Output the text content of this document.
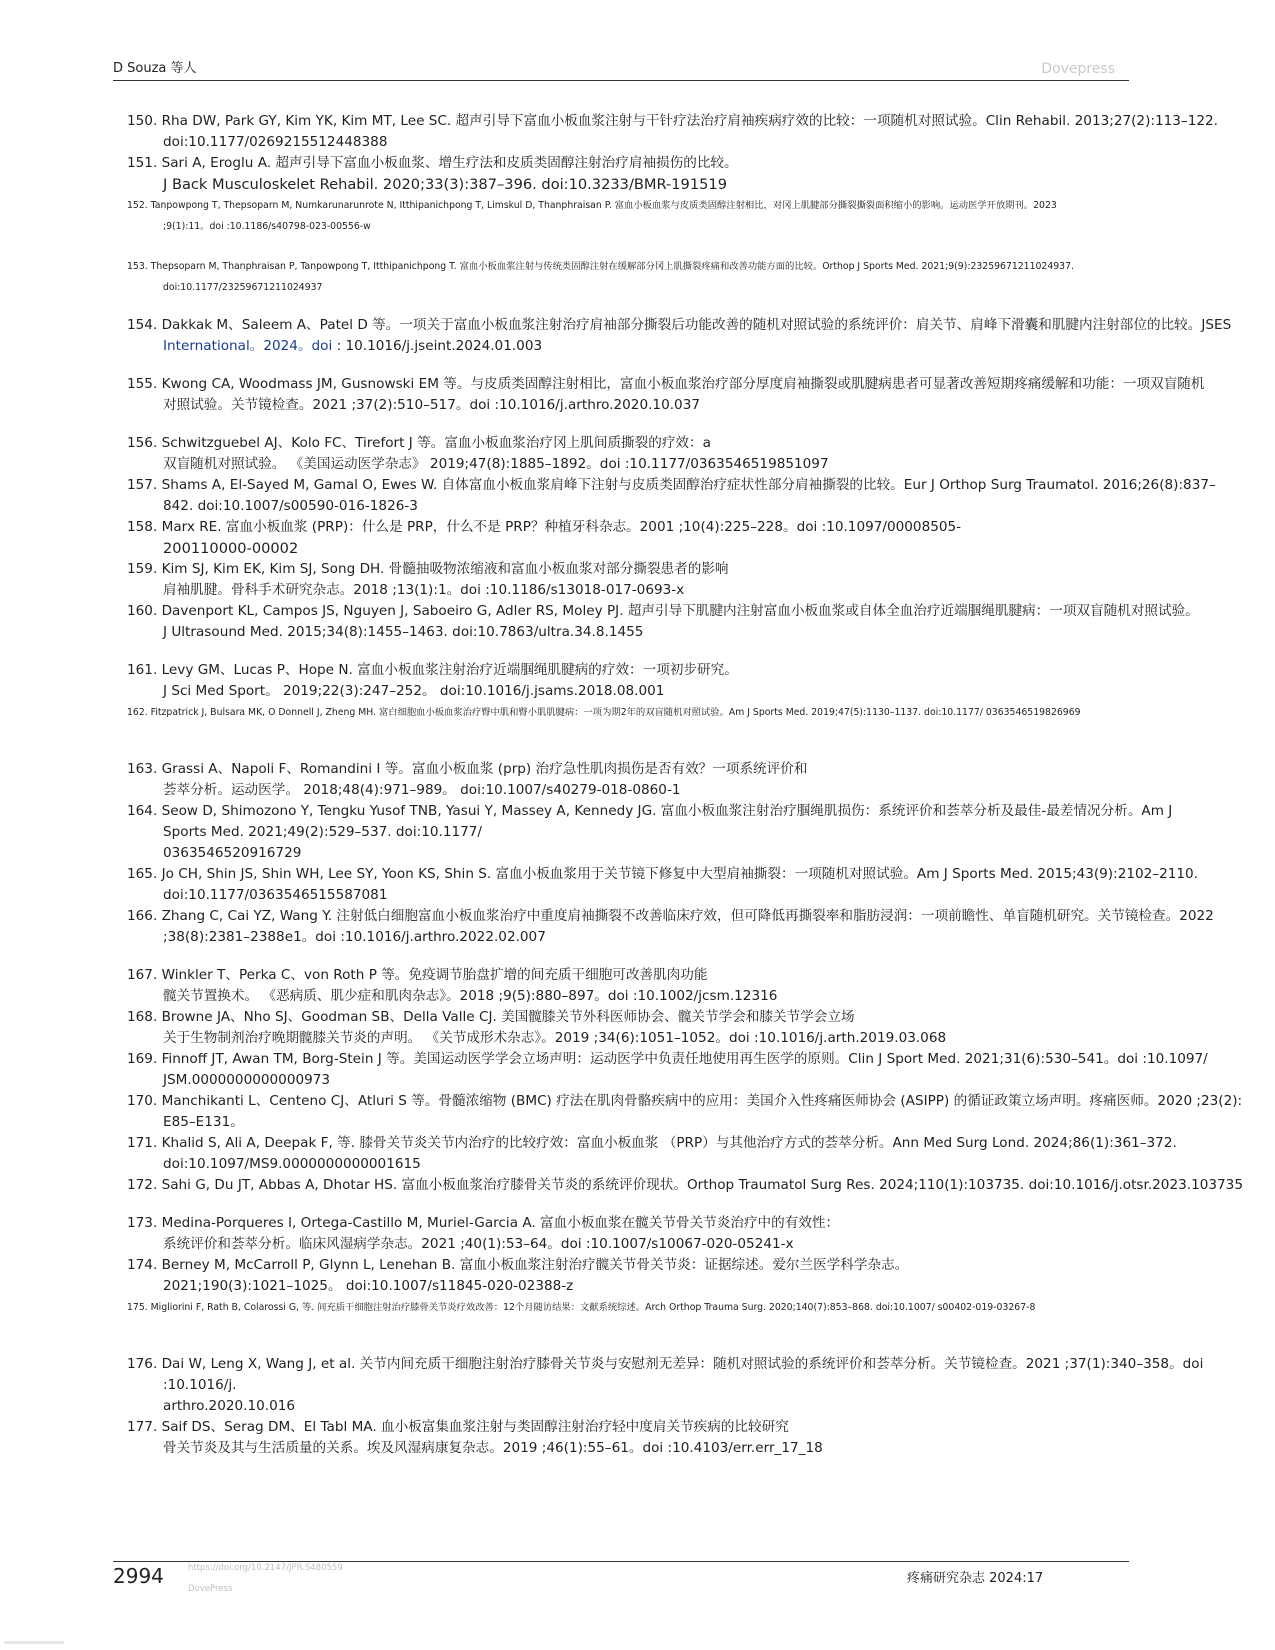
D Souza 等人	Dovepress
150. Rha DW, Park GY, Kim YK, Kim MT, Lee SC. 超声引导下富血小板血浆注射与干针疗法治疗肩袖疾病疗效的比较：一项随机对照试验。Clin Rehabil. 2013;27(2):113–122.
doi:10.1177/0269215512448388
151. Sari A, Eroglu A. 超声引导下富血小板血浆、增生疗法和皮质类固醇注射治疗肩袖损伤的比较。
J Back Musculoskelet Rehabil. 2020;33(3):387–396. doi:10.3233/BMR-191519
152. Tanpowpong T, Thepsoparn M, Numkarunarunrote N, Itthipanichpong T, Limskul D, Thanphraisan P. 富血小板血浆与皮质类固醇注射相比，对冈上肌腱部分撕裂撕裂面积缩小的影响。运动医学开放期刊。2023
;9(1):11。doi :10.1186/s40798-023-00556-w
153. Thepsoparn M, Thanphraisan P, Tanpowpong T, Itthipanichpong T. 富血小板血浆注射与传统类固醇注射在缓解部分冈上肌撕裂疼痛和改善功能方面的比较。Orthop J Sports Med. 2021;9(9):23259671211024937.
doi:10.1177/23259671211024937
154. Dakkak M、Saleem A、Patel D 等。一项关于富血小板血浆注射治疗肩袖部分撕裂后功能改善的随机对照试验的系统评价：肩关节、肩峰下滑囊和肌腱内注射部位的比较。JSES
International。2024。doi : 10.1016/j.jseint.2024.01.003
155. Kwong CA, Woodmass JM, Gusnowski EM 等。与皮质类固醇注射相比，富血小板血浆治疗部分厚度肩袖撕裂或肌腱病患者可显著改善短期疼痛缓解和功能：一项双盲随机
对照试验。关节镜检查。2021 ;37(2):510–517。doi :10.1016/j.arthro.2020.10.037
156. Schwitzguebel AJ、Kolo FC、Tirefort J 等。富血小板血浆治疗冈上肌间质撕裂的疗效：a
双盲随机对照试验。 《美国运动医学杂志》 2019;47(8):1885–1892。doi :10.1177/0363546519851097
157. Shams A, El-Sayed M, Gamal O, Ewes W. 自体富血小板血浆肩峰下注射与皮质类固醇治疗症状性部分肩袖撕裂的比较。Eur J Orthop Surg Traumatol. 2016;26(8):837–
842. doi:10.1007/s00590-016-1826-3
158. Marx RE. 富血小板血浆 (PRP)：什么是 PRP，什么不是 PRP？种植牙科杂志。2001 ;10(4):225–228。doi :10.1097/00008505-
200110000-00002
159. Kim SJ, Kim EK, Kim SJ, Song DH. 骨髓抽吸物浓缩液和富血小板血浆对部分撕裂患者的影响
肩袖肌腱。骨科手术研究杂志。2018 ;13(1):1。doi :10.1186/s13018-017-0693-x
160. Davenport KL, Campos JS, Nguyen J, Saboeiro G, Adler RS, Moley PJ. 超声引导下肌腱内注射富血小板血浆或自体全血治疗近端腘绳肌腱病：一项双盲随机对照试验。
J Ultrasound Med. 2015;34(8):1455–1463. doi:10.7863/ultra.34.8.1455
161. Levy GM、Lucas P、Hope N. 富血小板血浆注射治疗近端腘绳肌腱病的疗效：一项初步研究。
J Sci Med Sport。 2019;22(3):247–252。 doi:10.1016/j.jsams.2018.08.001
162. Fitzpatrick J, Bulsara MK, O Donnell J, Zheng MH. 富白细胞血小板血浆治疗臀中肌和臀小肌肌腱病：一项为期2年的双盲随机对照试验。Am J Sports Med. 2019;47(5):1130–1137. doi:10.1177/ 0363546519826969
163. Grassi A、Napoli F、Romandini I 等。富血小板血浆 (prp) 治疗急性肌肉损伤是否有效？一项系统评价和
荟萃分析。运动医学。 2018;48(4):971–989。 doi:10.1007/s40279-018-0860-1
164. Seow D, Shimozono Y, Tengku Yusof TNB, Yasui Y, Massey A, Kennedy JG. 富血小板血浆注射治疗腘绳肌损伤：系统评价和荟萃分析及最佳-最差情况分析。Am J
Sports Med. 2021;49(2):529–537. doi:10.1177/
0363546520916729
165. Jo CH, Shin JS, Shin WH, Lee SY, Yoon KS, Shin S. 富血小板血浆用于关节镜下修复中大型肩袖撕裂：一项随机对照试验。Am J Sports Med. 2015;43(9):2102–2110.
doi:10.1177/0363546515587081
166. Zhang C, Cai YZ, Wang Y. 注射低白细胞富血小板血浆治疗中重度肩袖撕裂不改善临床疗效，但可降低再撕裂率和脂肪浸润：一项前瞻性、单盲随机研究。关节镜检查。2022
;38(8):2381–2388e1。doi :10.1016/j.arthro.2022.02.007
167. Winkler T、Perka C、von Roth P 等。免疫调节胎盘扩增的间充质干细胞可改善肌肉功能
髋关节置换术。 《恶病质、肌少症和肌肉杂志》。2018 ;9(5):880–897。doi :10.1002/jcsm.12316
168. Browne JA、Nho SJ、Goodman SB、Della Valle CJ. 美国髋膝关节外科医师协会、髋关节学会和膝关节学会立场
关于生物制剂治疗晚期髋膝关节炎的声明。 《关节成形术杂志》。2019 ;34(6):1051–1052。doi :10.1016/j.arth.2019.03.068
169. Finnoff JT, Awan TM, Borg-Stein J 等。美国运动医学学会立场声明：运动医学中负责任地使用再生医学的原则。Clin J Sport Med. 2021;31(6):530–541。doi :10.1097/
JSM.0000000000000973
170. Manchikanti L、Centeno CJ、Atluri S 等。骨髓浓缩物 (BMC) 疗法在肌肉骨骼疾病中的应用：美国介入性疼痛医师协会 (ASIPP) 的循证政策立场声明。疼痛医师。2020 ;23(2):
E85–E131。
171. Khalid S, Ali A, Deepak F, 等. 膝骨关节炎关节内治疗的比较疗效：富血小板血浆 （PRP）与其他治疗方式的荟萃分析。Ann Med Surg Lond. 2024;86(1):361–372.
doi:10.1097/MS9.0000000000001615
172. Sahi G, Du JT, Abbas A, Dhotar HS. 富血小板血浆治疗膝骨关节炎的系统评价现状。Orthop Traumatol Surg Res. 2024;110(1):103735. doi:10.1016/j.otsr.2023.103735
173. Medina-Porqueres I, Ortega-Castillo M, Muriel-Garcia A. 富血小板血浆在髋关节骨关节炎治疗中的有效性：
系统评价和荟萃分析。临床风湿病学杂志。2021 ;40(1):53–64。doi :10.1007/s10067-020-05241-x
174. Berney M, McCarroll P, Glynn L, Lenehan B. 富血小板血浆注射治疗髋关节骨关节炎：证据综述。爱尔兰医学科学杂志。
2021;190(3):1021–1025。 doi:10.1007/s11845-020-02388-z
175. Migliorini F, Rath B, Colarossi G, 等. 间充质干细胞注射治疗膝骨关节炎疗效改善：12个月随访结果：文献系统综述。Arch Orthop Trauma Surg. 2020;140(7):853–868. doi:10.1007/ s00402-019-03267-8
176. Dai W, Leng X, Wang J, et al. 关节内间充质干细胞注射治疗膝骨关节炎与安慰剂无差异：随机对照试验的系统评价和荟萃分析。关节镜检查。2021 ;37(1):340–358。doi
:10.1016/j.
arthro.2020.10.016
177. Saif DS、Serag DM、El Tabl MA. 血小板富集血浆注射与类固醇注射治疗轻中度肩关节疾病的比较研究
骨关节炎及其与生活质量的关系。埃及风湿病康复杂志。2019 ;46(1):55–61。doi :10.4103/err.err_17_18
2994	https://doi.org/10.2147/JPR.S480559
DovePress
疼痛研究杂志 2024:17
